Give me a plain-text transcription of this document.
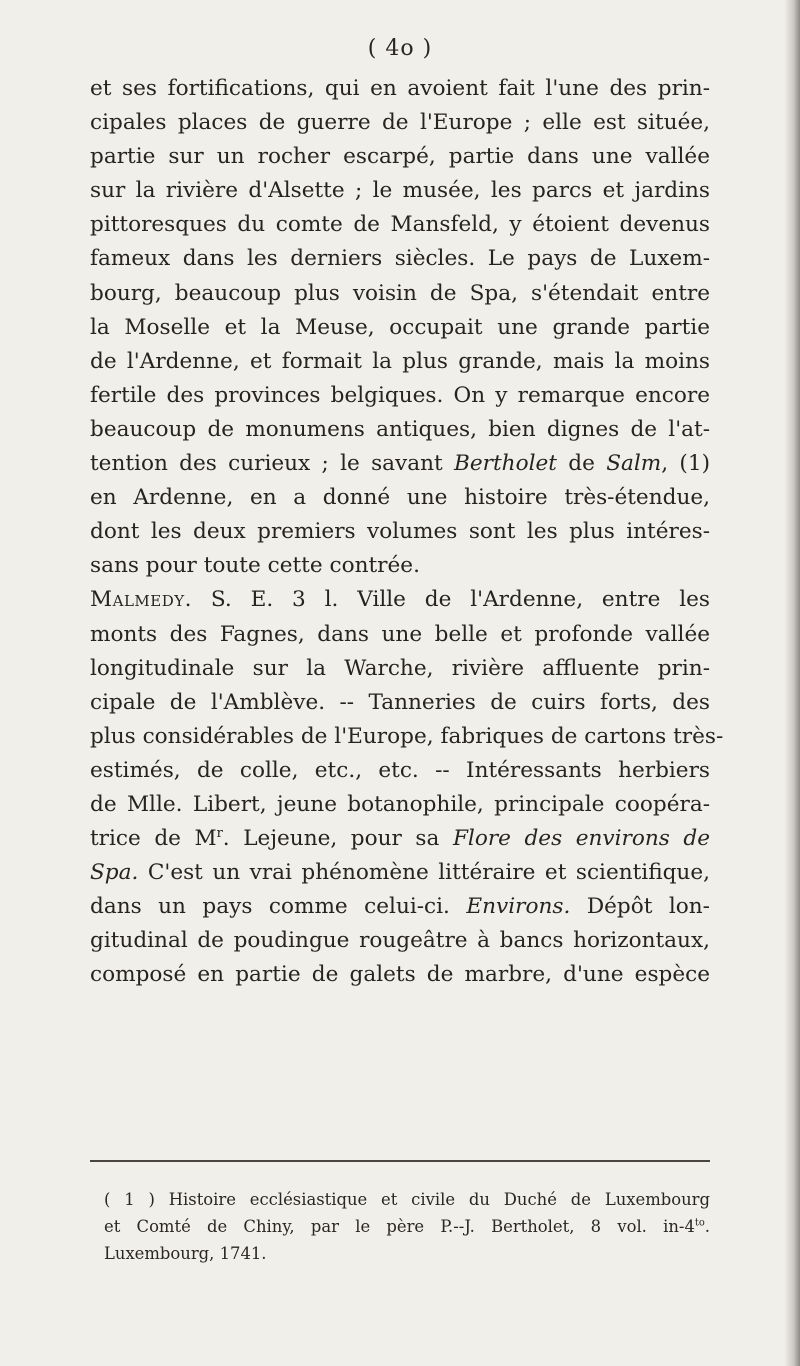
( 4o )
et ses fortifications, qui en avoient fait l'une des prin-
cipales places de guerre de l'Europe ; elle est située,
partie sur un rocher escarpé, partie dans une vallée
sur la rivière d'Alsette ; le musée, les parcs et jardins
pittoresques du comte de Mansfeld, y étoient devenus
fameux dans les derniers siècles. Le pays de Luxem-
bourg, beaucoup plus voisin de Spa, s'étendait entre
la Moselle et la Meuse, occupait une grande partie
de l'Ardenne, et formait la plus grande, mais la moins
fertile des provinces belgiques. On y remarque encore
beaucoup de monumens antiques, bien dignes de l'at-
tention des curieux ; le savant Bertholet de Salm, (1)
en Ardenne, en a donné une histoire très-étendue,
dont les deux premiers volumes sont les plus intéres-
sans pour toute cette contrée.
Malmedy. S. E. 3 l. Ville de l'Ardenne, entre les
monts des Fagnes, dans une belle et profonde vallée
longitudinale sur la Warche, rivière affluente prin-
cipale de l'Amblève. -- Tanneries de cuirs forts, des
plus considérables de l'Europe, fabriques de cartons très-
estimés, de colle, etc., etc. -- Intéressants herbiers
de Mlle. Libert, jeune botanophile, principale coopéra-
trice de $M^r$. Lejeune, pour sa Flore des environs de
Spa. C'est un vrai phénomène littéraire et scientifique,
dans un pays comme celui-ci. Environs. Dépôt lon-
gitudinal de poudingue rougeâtre à bancs horizontaux,
composé en partie de galets de marbre, d'une espèce
( 1 ) Histoire ecclésiastique et civile du Duché de Luxembourg
et Comté de Chiny, par le père P.--J. Bertholet, 8 vol. $in-4^{to}$.
Luxembourg, 1741.
